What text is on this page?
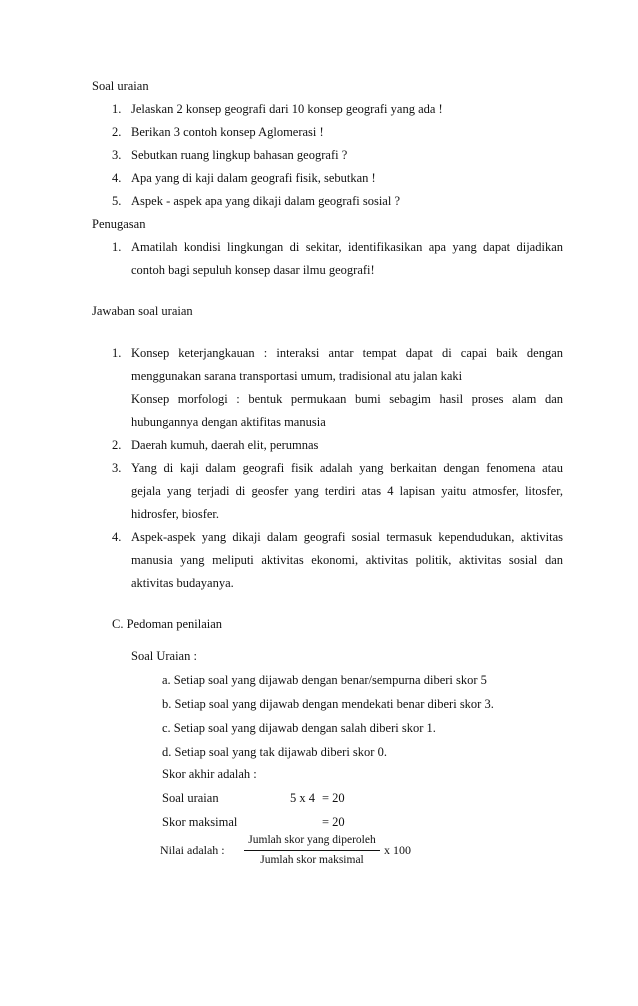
Soal uraian
1. Jelaskan 2 konsep geografi dari 10 konsep geografi yang ada !
2. Berikan 3 contoh konsep Aglomerasi !
3. Sebutkan ruang lingkup bahasan geografi ?
4. Apa yang di kaji dalam geografi fisik, sebutkan !
5. Aspek - aspek apa yang dikaji dalam geografi sosial ?
Penugasan
1. Amatilah kondisi lingkungan di sekitar, identifikasikan apa yang dapat dijadikan
contoh bagi sepuluh konsep dasar ilmu geografi!
Jawaban soal uraian
1. Konsep keterjangkauan : interaksi antar tempat dapat di capai baik dengan
menggunakan sarana transportasi umum, tradisional atu jalan kaki
Konsep morfologi : bentuk permukaan bumi sebagim hasil proses alam dan
hubungannya dengan aktifitas manusia
2. Daerah kumuh, daerah elit, perumnas
3. Yang di kaji dalam geografi fisik adalah yang berkaitan dengan fenomena atau
gejala yang terjadi di geosfer yang terdiri atas 4 lapisan yaitu atmosfer, litosfer,
hidrosfer, biosfer.
4. Aspek-aspek yang dikaji dalam geografi sosial termasuk kependudukan, aktivitas
manusia yang meliputi aktivitas ekonomi, aktivitas politik, aktivitas sosial dan
aktivitas budayanya.
C. Pedoman penilaian
Soal Uraian :
a. Setiap soal yang dijawab dengan benar/sempurna diberi skor 5
b. Setiap soal yang dijawab dengan mendekati benar diberi skor 3.
c. Setiap soal yang dijawab dengan salah diberi skor 1.
d. Setiap soal yang tak dijawab diberi skor 0.
Skor akhir adalah :
Soal uraian	5 x 4 = 20
Skor maksimal	= 20
Nilai adalah :
Jumlah skor yang diperoleh
Jumlah skor maksimal
x 100
